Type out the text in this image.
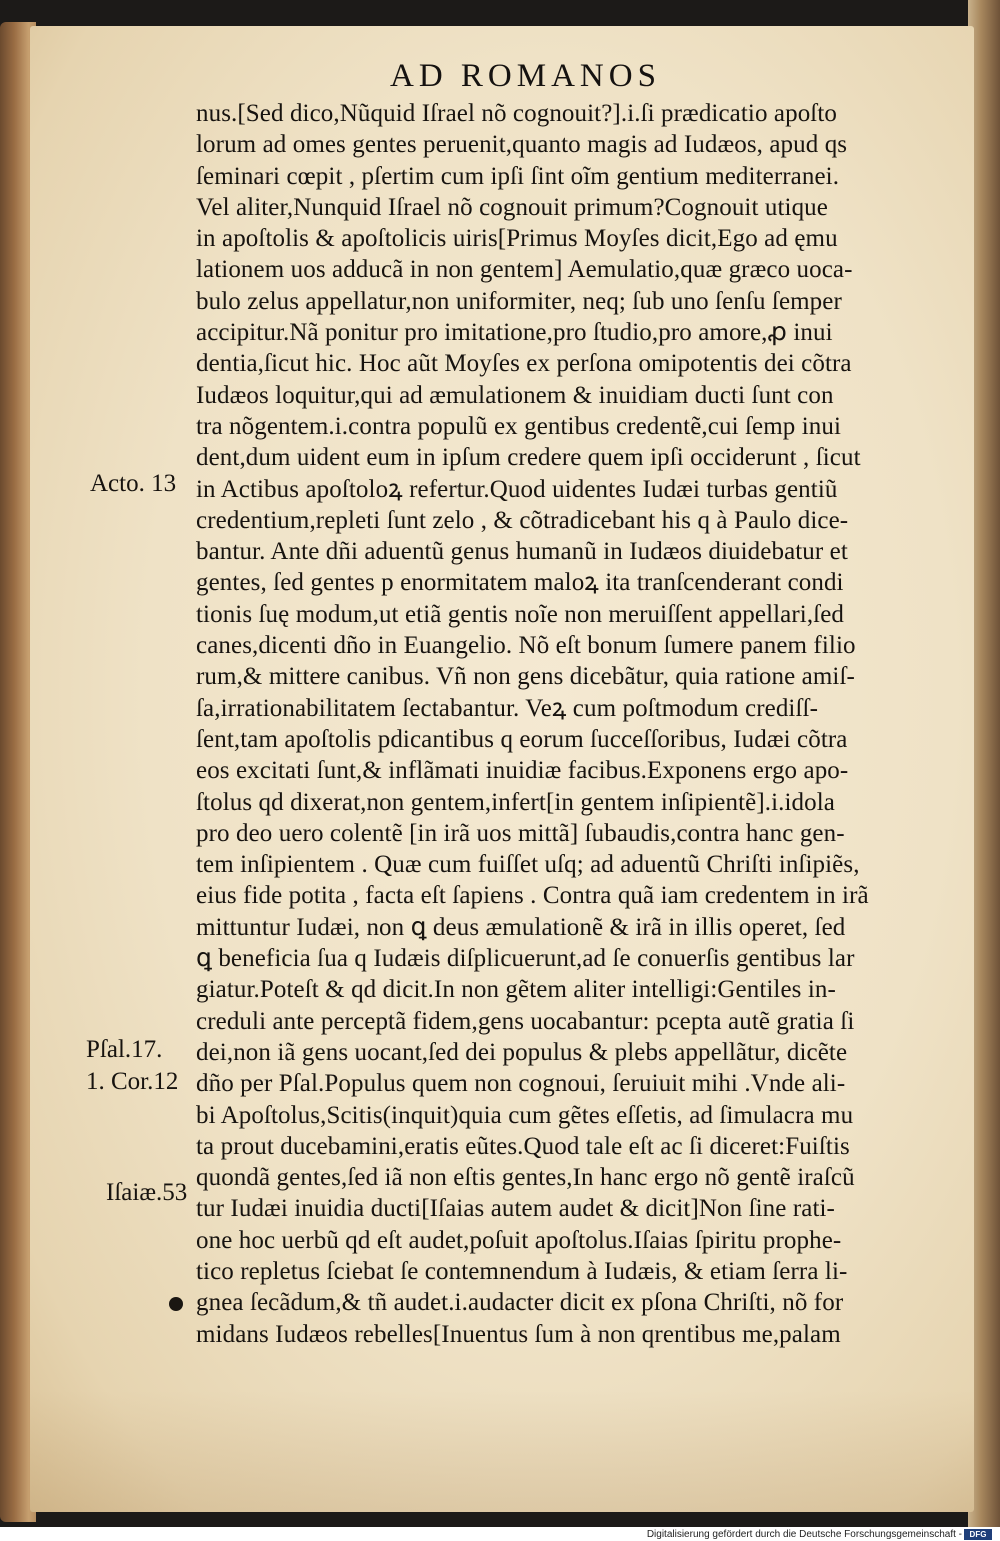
AD ROMANOS
nus.[Sed dico,Nũquid Iſrael nõ cognouit?].i.ſi prædicatio apoſto
lorum ad omes gentes peruenit,quanto magis ad Iudæos, apud qs
ſeminari cœpit , pſertim cum ipſi ſint oĩm gentium mediterranei.
Vel aliter,Nunquid Iſrael nõ cognouit primum?Cognouit utique
in apoſtolis & apoſtolicis uiris[Primus Moyſes dicit,Ego ad ęmu
lationem uos adducã in non gentem] Aemulatio,quæ græco uoca-
bulo zelus appellatur,non uniformiter, neq; ſub uno ſenſu ſemper
accipitur.Nã ponitur pro imitatione,pro ſtudio,pro amore,ꝓ inui
dentia,ſicut hic. Hoc aũt Moyſes ex perſona omipotentis dei cõtra
Iudæos loquitur,qui ad æmulationem & inuidiam ducti ſunt con
tra nõgentem.i.contra populũ ex gentibus credentẽ,cui ſemp inui
dent,dum uident eum in ipſum credere quem ipſi occiderunt , ſicut
in Actibus apoſtoloꝝ refertur.Quod uidentes Iudæi turbas gentiũ
credentium,repleti ſunt zelo , & cõtradicebant his q à Paulo dice-
bantur. Ante dñi aduentũ genus humanũ in Iudæos diuidebatur et
gentes, ſed gentes p enormitatem maloꝝ ita tranſcenderant condi
tionis ſuę modum,ut etiã gentis noĩe non meruiſſent appellari,ſed
canes,dicenti dño in Euangelio. Nõ eſt bonum ſumere panem filio
rum,& mittere canibus. Vñ non gens dicebãtur, quia ratione amiſ-
ſa,irrationabilitatem ſectabantur. Veꝝ cum poſtmodum crediſſ-
ſent,tam apoſtolis pdicantibus q eorum ſucceſſoribus, Iudæi cõtra
eos excitati ſunt,& inflãmati inuidiæ facibus.Exponens ergo apo-
ſtolus qd dixerat,non gentem,infert[in gentem inſipientẽ].i.idola
pro deo uero colentẽ [in irã uos mittã] ſubaudis,contra hanc gen-
tem inſipientem . Quæ cum fuiſſet uſq; ad aduentũ Chriſti inſipiẽs,
eius fide potita , facta eſt ſapiens . Contra quã iam credentem in irã
mittuntur Iudæi, non ꝗ deus æmulationẽ & irã in illis operet, ſed
ꝗ beneficia ſua q Iudæis diſplicuerunt,ad ſe conuerſis gentibus lar
giatur.Poteſt & qd dicit.In non gẽtem aliter intelligi:Gentiles in-
creduli ante perceptã fidem,gens uocabantur: pcepta autẽ gratia ſi
dei,non iã gens uocant,ſed dei populus & plebs appellãtur, dicẽte
dño per Pſal.Populus quem non cognoui, ſeruiuit mihi .Vnde ali-
bi Apoſtolus,Scitis(inquit)quia cum gẽtes eſſetis, ad ſimulacra mu
ta prout ducebamini,eratis eũtes.Quod tale eſt ac ſi diceret:Fuiſtis
quondã gentes,ſed iã non eſtis gentes,In hanc ergo nõ gentẽ iraſcũ
tur Iudæi inuidia ducti[Iſaias autem audet & dicit]Non ſine rati-
one hoc uerbũ qd eſt audet,poſuit apoſtolus.Iſaias ſpiritu prophe-
tico repletus ſciebat ſe contemnendum à Iudæis, & etiam ſerra li-
gnea ſecãdum,& tñ audet.i.audacter dicit ex pſona Chriſti, nõ for
midans Iudæos rebelles[Inuentus ſum à non qrentibus me,palam
Acto. 13
Pſal.17.
1. Cor.12
Iſaiæ.53
Digitalisierung gefördert durch die Deutsche Forschungsgemeinschaft - DFG
